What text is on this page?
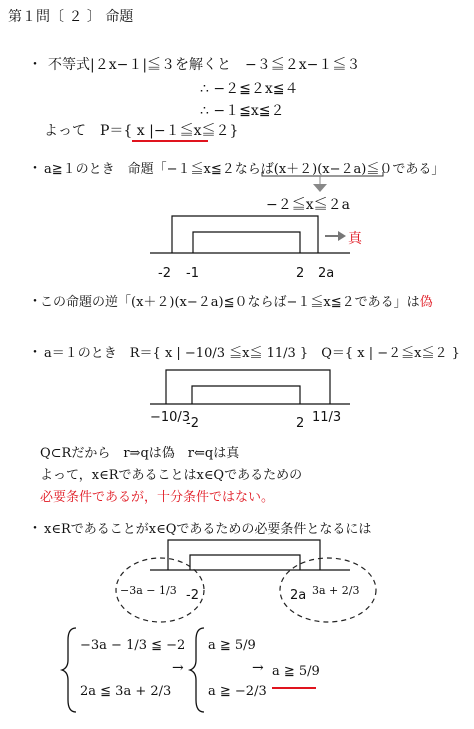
第１問〔 ２ 〕 命題
・ 不等式|２x−１|≦３を解くと　−３≦２x−１≦３
∴ −２≦２x≦４
∴ −１≦x≦２
よって　P＝{ x |−１≦x≦２}
・ a≧１のとき　命題「−１≦x≦２ならば(x＋２)(x−２a)≦０である」
−２≦x≦２a
真
-2 -1	2 2a
・
この命題の逆「(x＋２)(x−２a)≦０ならば−１≦x≦２である」は偽
・ a＝１のとき　R＝{ x | −10/3 ≦x≦ 11/3 }　Q＝{ x | −２≦x≦２ }
−10/3
-2	2 11/3
Q⊂Rだから　r⇒qは偽　r⇐qは真
よって，x∈Rであることはx∈Qであるための
必要条件であるが，十分条件ではない。
・ x∈Rであることがx∈Qであるための必要条件となるには
−3a − 1/3 -2	2a 3a + 2/3
−3a − 1/3 ≦ −2
2a ≦ 3a + 2/3
→
a ≧ 5/9
a ≧ −2/3
→ a ≧ 5/9
